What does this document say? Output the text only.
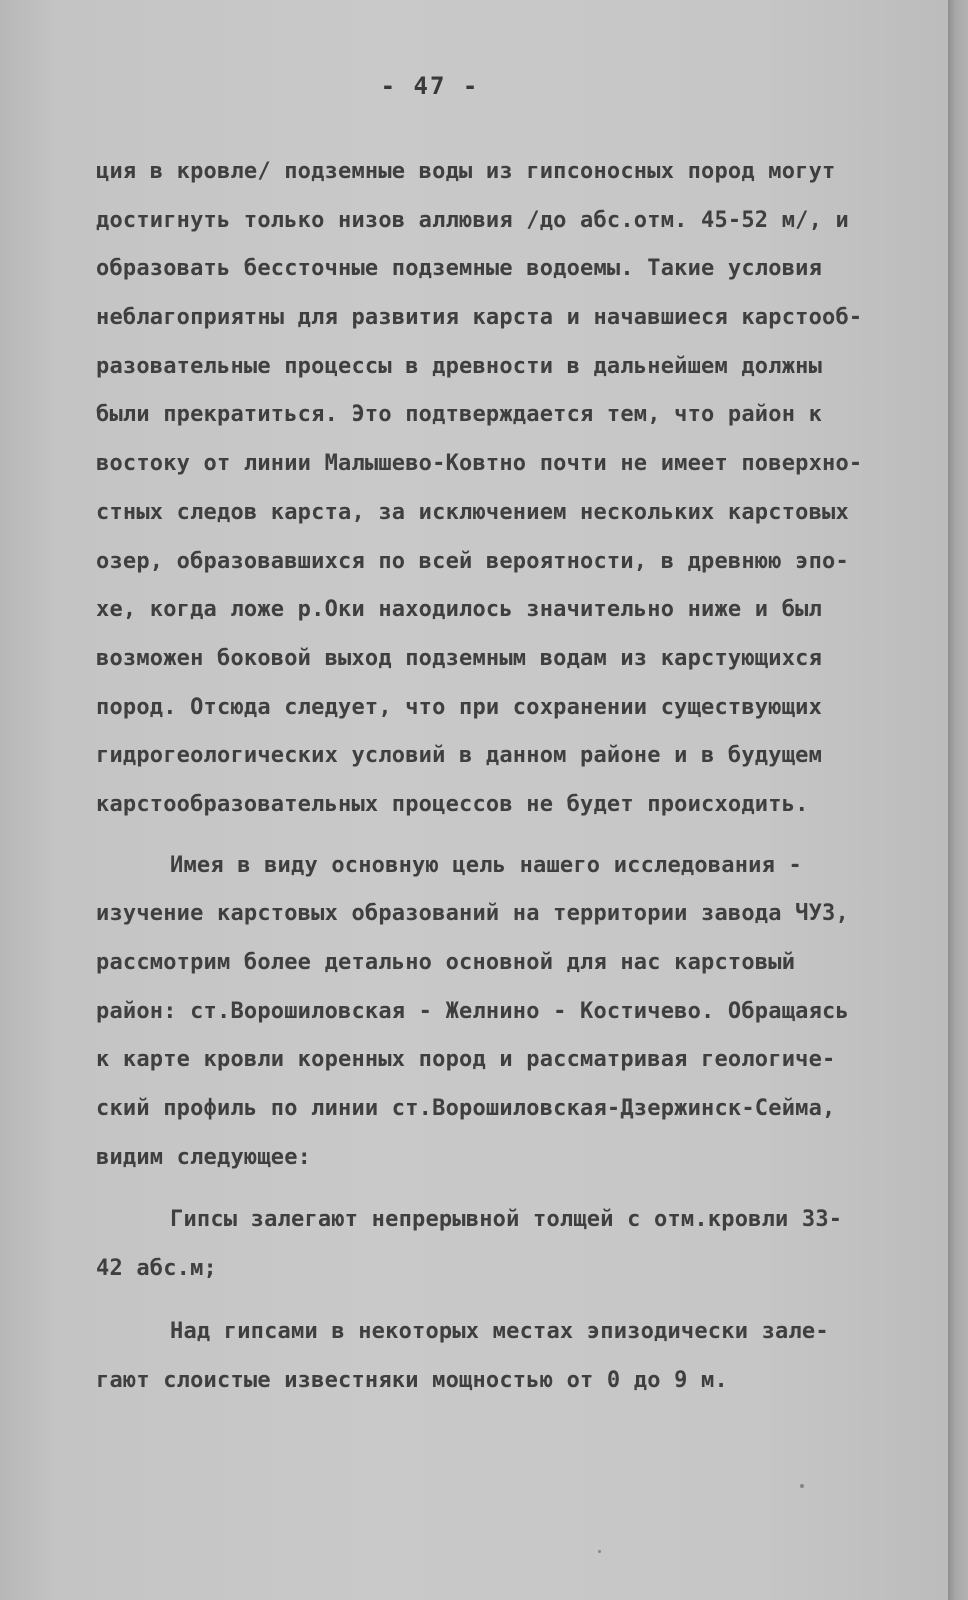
- 47 -
ция в кровле/ подземные воды из гипсоносных пород могут
достигнуть только низов аллювия /до абс.отм. 45-52 м/, и
образовать бессточные подземные водоемы. Такие условия
неблагоприятны для развития карста и начавшиеся карстооб-
разовательные процессы в древности в дальнейшем должны
были прекратиться. Это подтверждается тем, что район к
востоку от линии Малышево-Ковтно почти не имеет поверхно-
стных следов карста, за исключением нескольких карстовых
озер, образовавшихся по всей вероятности, в древнюю эпо-
хе, когда ложе р.Оки находилось значительно ниже и был
возможен боковой выход подземным водам из карстующихся
пород. Отсюда следует, что при сохранении существующих
гидрогеологических условий в данном районе и в будущем
карстообразовательных процессов не будет происходить.
Имея в виду основную цель нашего исследования -
изучение карстовых образований на территории завода ЧУЗ,
рассмотрим более детально основной для нас карстовый
район: ст.Ворошиловская - Желнино - Костичево. Обращаясь
к карте кровли коренных пород и рассматривая геологиче-
ский профиль по линии ст.Ворошиловская-Дзержинск-Сейма,
видим следующее:
Гипсы залегают непрерывной толщей с отм.кровли 33-
42 абс.м;
Над гипсами в некоторых местах эпизодически зале-
гают слоистые известняки мощностью от 0 до 9 м.
